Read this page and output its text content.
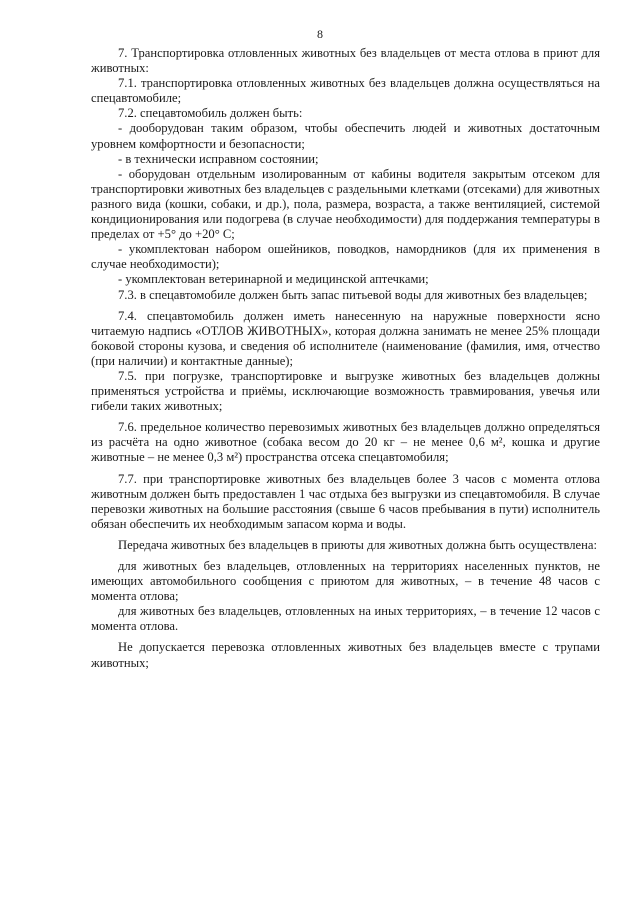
8

7. Транспортировка отловленных животных без владельцев от места отлова в приют для животных:

7.1. транспортировка отловленных животных без владельцев должна осуществляться на спецавтомобиле;

7.2. спецавтомобиль должен быть:

- дооборудован таким образом, чтобы обеспечить людей и животных достаточным уровнем комфортности и безопасности;

- в технически исправном состоянии;

- оборудован отдельным изолированным от кабины водителя закрытым отсеком для транспортировки животных без владельцев с раздельными клетками (отсеками) для животных разного вида (кошки, собаки, и др.), пола, размера, возраста, а также вентиляцией, системой кондиционирования или подогрева (в случае необходимости) для поддержания температуры в пределах от +5° до +20° С;

- укомплектован набором ошейников, поводков, намордников (для их применения в случае необходимости);

- укомплектован ветеринарной и медицинской аптечками;

7.3. в спецавтомобиле должен быть запас питьевой воды для животных без владельцев;

7.4. спецавтомобиль должен иметь нанесенную на наружные поверхности ясно читаемую надпись «ОТЛОВ ЖИВОТНЫХ», которая должна занимать не менее 25% площади боковой стороны кузова, и сведения об исполнителе (наименование (фамилия, имя, отчество (при наличии) и контактные данные);

7.5. при погрузке, транспортировке и выгрузке животных без владельцев должны применяться устройства и приёмы, исключающие возможность травмирования, увечья или гибели таких животных;

7.6. предельное количество перевозимых животных без владельцев должно определяться из расчёта на одно животное (собака весом до 20 кг – не менее 0,6 м², кошка и другие животные – не менее 0,3 м²) пространства отсека спецавтомобиля;

7.7. при транспортировке животных без владельцев более 3 часов с момента отлова животным должен быть предоставлен 1 час отдыха без выгрузки из спецавтомобиля. В случае перевозки животных на большие расстояния (свыше 6 часов пребывания в пути) исполнитель обязан обеспечить их необходимым запасом корма и воды.

Передача животных без владельцев в приюты для животных должна быть осуществлена:

для животных без владельцев, отловленных на территориях населенных пунктов, не имеющих автомобильного сообщения с приютом для животных, – в течение 48 часов с момента отлова;

для животных без владельцев, отловленных на иных территориях, – в течение 12 часов с момента отлова.

Не допускается перевозка отловленных животных без владельцев вместе с трупами животных;
